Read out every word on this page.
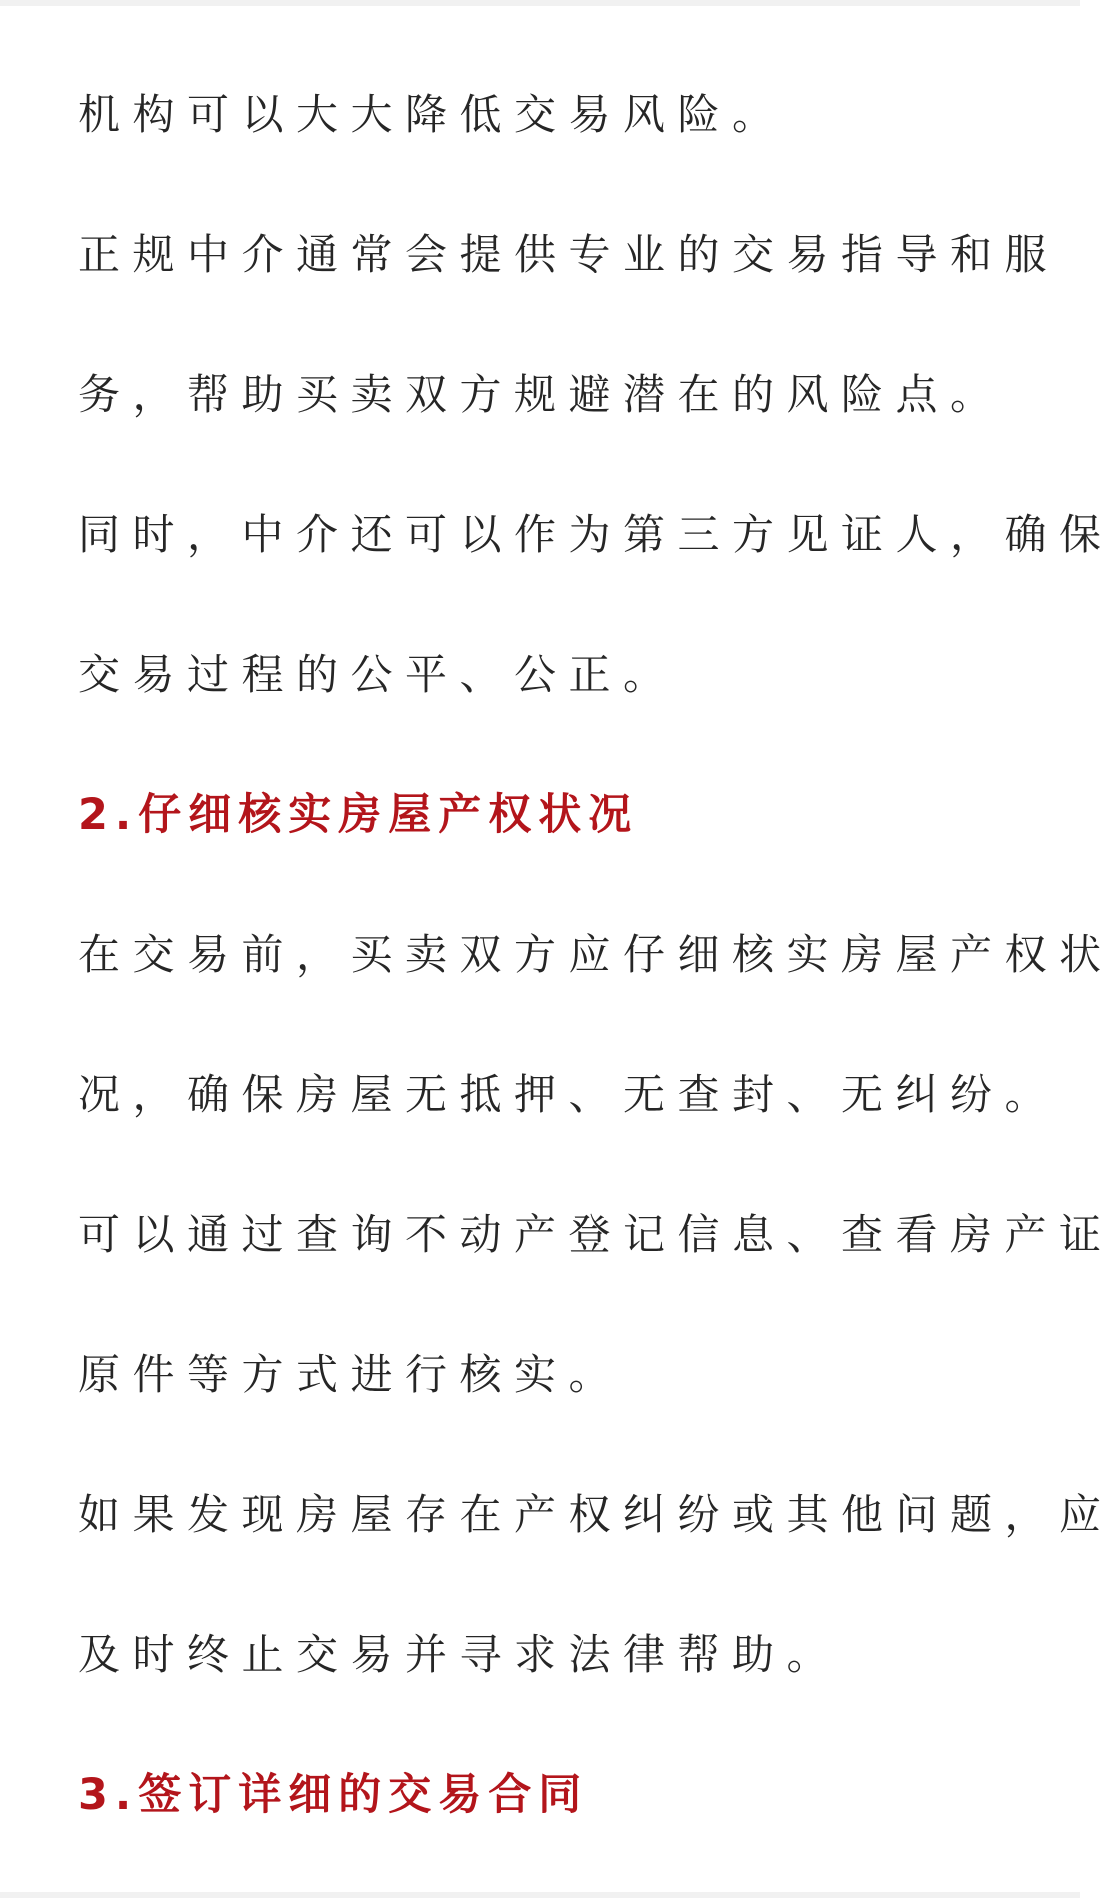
机构可以大大降低交易风险。
正规中介通常会提供专业的交易指导和服
务，帮助买卖双方规避潜在的风险点。
同时，中介还可以作为第三方见证人，确保
交易过程的公平、公正。
2.仔细核实房屋产权状况
在交易前，买卖双方应仔细核实房屋产权状
况，确保房屋无抵押、无查封、无纠纷。
可以通过查询不动产登记信息、查看房产证
原件等方式进行核实。
如果发现房屋存在产权纠纷或其他问题，应
及时终止交易并寻求法律帮助。
3.签订详细的交易合同
